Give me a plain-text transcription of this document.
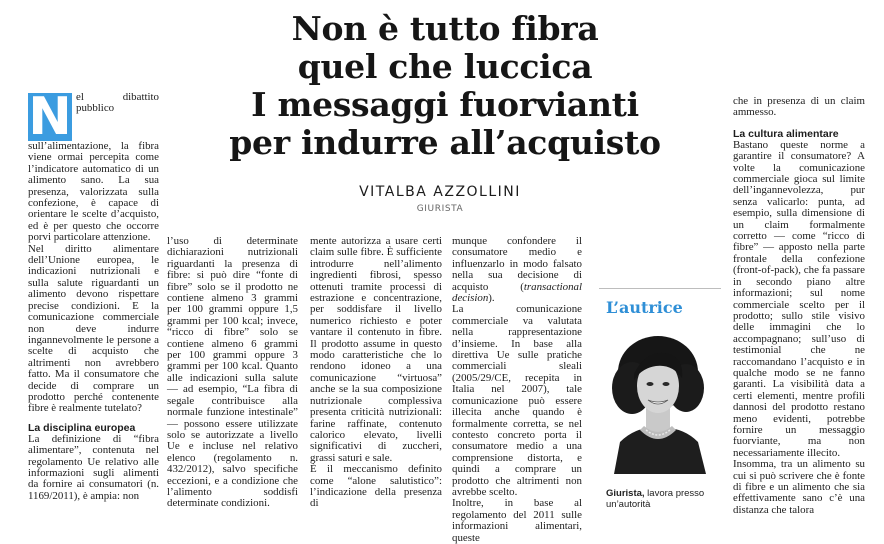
Non è tutto fibra
quel che luccica
I messaggi fuorvianti
per indurre all’acquisto
VITALBA AZZOLLINI
GIURISTA

N el dibattito pubblico sull’alimentazione, la fibra viene ormai percepita come l’indicatore automatico di un alimento sano. La sua presenza, valorizzata sulla confezione, è capace di orientare le scelte d’acquisto, ed è per questo che occorre porvi particolare attenzione.

Nel diritto alimentare dell’Unione europea, le indicazioni nutrizionali e sulla salute riguardanti un alimento devono rispettare precise condizioni. E la comunicazione commerciale non deve indurre ingannevolmente le persone a scelte di acquisto che altrimenti non avrebbero fatto. Ma il consumatore che decide di comprare un prodotto perché contenente fibre è realmente tutelato?

La disciplina europea

La definizione di “fibra alimentare”, contenuta nel regolamento Ue relativo alle informazioni sugli alimenti da fornire ai consumatori (n. 1169/2011), è ampia: non

l’uso di determinate dichiarazioni nutrizionali riguardanti la presenza di fibre: si può dire “fonte di fibre” solo se il prodotto ne contiene almeno 3 grammi per 100 grammi oppure 1,5 grammi per 100 kcal; invece, “ricco di fibre” solo se contiene almeno 6 grammi per 100 grammi oppure 3 grammi per 100 kcal. Quanto alle indicazioni sulla salute — ad esempio, “La fibra di segale contribuisce alla normale funzione intestinale” — possono essere utilizzate solo se autorizzate a livello Ue e incluse nel relativo elenco (regolamento n. 432/2012), salvo specifiche eccezioni, e a condizione che l’alimento soddisfi determinate condizioni.

mente autorizza a usare certi claim sulle fibre. È sufficiente introdurre nell’alimento ingredienti fibrosi, spesso ottenuti tramite processi di estrazione e concentrazione, per soddisfare il livello numerico richiesto e poter vantare il contenuto in fibre. Il prodotto assume in questo modo caratteristiche che lo rendono idoneo a una comunicazione “virtuosa” anche se la sua composizione nutrizionale complessiva presenta criticità nutrizionali: farine raffinate, contenuto calorico elevato, livelli significativi di zuccheri, grassi saturi e sale.

È il meccanismo definito come “alone salutistico”: l’indicazione della presenza di

munque confondere il consumatore medio e influenzarlo in modo falsato nella sua decisione di acquisto (transactional decision).

La comunicazione commerciale va valutata nella rappresentazione d’insieme. In base alla direttiva Ue sulle pratiche commerciali sleali (2005/29/CE, recepita in Italia nel 2007), tale comunicazione può essere illecita anche quando è formalmente corretta, se nel contesto concreto porta il consumatore medio a una comprensione distorta, e quindi a comprare un prodotto che altrimenti non avrebbe scelto.

Inoltre, in base al regolamento del 2011 sulle informazioni alimentari, queste

L’autrice
Giurista, lavora presso un’autorità

che in presenza di un claim ammesso.

La cultura alimentare

Bastano queste norme a garantire il consumatore? A volte la comunicazione commerciale gioca sul limite dell’ingannevolezza, pur senza valicarlo: punta, ad esempio, sulla dimensione di un claim formalmente corretto — come “ricco di fibre” — apposto nella parte frontale della confezione (front-of-pack), che fa passare in secondo piano altre informazioni; sul nome commerciale scelto per il prodotto; sullo stile visivo delle immagini che lo accompagnano; sull’uso di testimonial che ne raccomandano l’acquisto e in qualche modo se ne fanno garanti. La visibilità data a certi elementi, mentre profili dannosi del prodotto restano meno evidenti, potrebbe fornire un messaggio fuorviante, ma non necessariamente illecito.

Insomma, tra un alimento su cui si può scrivere che è fonte di fibre e un alimento che sia effettivamente sano c’è una distanza che talora
